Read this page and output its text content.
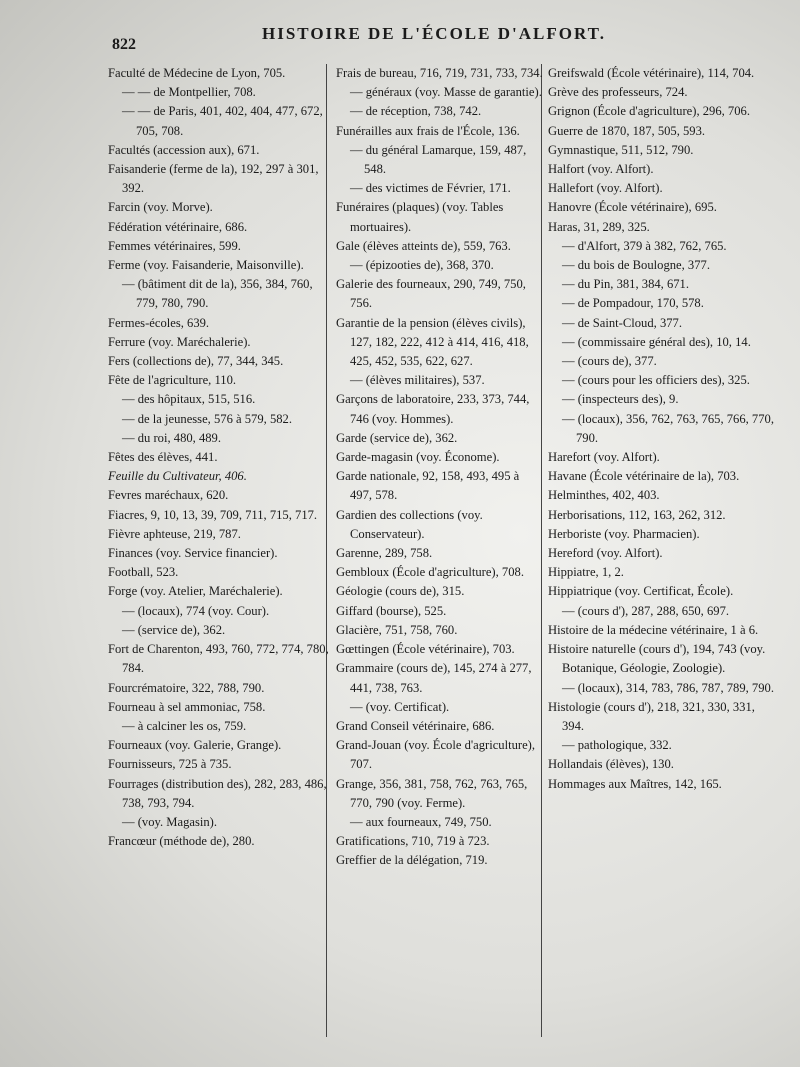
822
HISTOIRE DE L'ÉCOLE D'ALFORT.

Faculté de Médecine de Lyon, 705.

— — de Montpellier, 708.

— — de Paris, 401, 402, 404, 477, 672, 705, 708.

Facultés (accession aux), 671.

Faisanderie (ferme de la), 192, 297 à 301, 392.

Farcin (voy. Morve).

Fédération vétérinaire, 686.

Femmes vétérinaires, 599.

Ferme (voy. Faisanderie, Maisonville).

— (bâtiment dit de la), 356, 384, 760, 779, 780, 790.

Fermes-écoles, 639.

Ferrure (voy. Maréchalerie).

Fers (collections de), 77, 344, 345.

Fête de l'agriculture, 110.

— des hôpitaux, 515, 516.

— de la jeunesse, 576 à 579, 582.

— du roi, 480, 489.

Fêtes des élèves, 441.

Feuille du Cultivateur, 406.

Fevres maréchaux, 620.

Fiacres, 9, 10, 13, 39, 709, 711, 715, 717.

Fièvre aphteuse, 219, 787.

Finances (voy. Service financier).

Football, 523.

Forge (voy. Atelier, Maréchalerie).

— (locaux), 774 (voy. Cour).

— (service de), 362.

Fort de Charenton, 493, 760, 772, 774, 780, 784.

Fourcrématoire, 322, 788, 790.

Fourneau à sel ammoniac, 758.

— à calciner les os, 759.

Fourneaux (voy. Galerie, Grange).

Fournisseurs, 725 à 735.

Fourrages (distribution des), 282, 283, 486, 738, 793, 794.

— (voy. Magasin).

Francœur (méthode de), 280.

Frais de bureau, 716, 719, 731, 733, 734.

— généraux (voy. Masse de garantie).

— de réception, 738, 742.

Funérailles aux frais de l'École, 136.

— du général Lamarque, 159, 487, 548.

— des victimes de Février, 171.

Funéraires (plaques) (voy. Tables mortuaires).

Gale (élèves atteints de), 559, 763.

— (épizooties de), 368, 370.

Galerie des fourneaux, 290, 749, 750, 756.

Garantie de la pension (élèves civils), 127, 182, 222, 412 à 414, 416, 418, 425, 452, 535, 622, 627.

— (élèves militaires), 537.

Garçons de laboratoire, 233, 373, 744, 746 (voy. Hommes).

Garde (service de), 362.

Garde-magasin (voy. Économe).

Garde nationale, 92, 158, 493, 495 à 497, 578.

Gardien des collections (voy. Conservateur).

Garenne, 289, 758.

Gembloux (École d'agriculture), 708.

Géologie (cours de), 315.

Giffard (bourse), 525.

Glacière, 751, 758, 760.

Gœttingen (École vétérinaire), 703.

Grammaire (cours de), 145, 274 à 277, 441, 738, 763.

— (voy. Certificat).

Grand Conseil vétérinaire, 686.

Grand-Jouan (voy. École d'agriculture), 707.

Grange, 356, 381, 758, 762, 763, 765, 770, 790 (voy. Ferme).

— aux fourneaux, 749, 750.

Gratifications, 710, 719 à 723.

Greffier de la délégation, 719.

Greifswald (École vétérinaire), 114, 704.

Grève des professeurs, 724.

Grignon (École d'agriculture), 296, 706.

Guerre de 1870, 187, 505, 593.

Gymnastique, 511, 512, 790.

Halfort (voy. Alfort).

Hallefort (voy. Alfort).

Hanovre (École vétérinaire), 695.

Haras, 31, 289, 325.

— d'Alfort, 379 à 382, 762, 765.

— du bois de Boulogne, 377.

— du Pin, 381, 384, 671.

— de Pompadour, 170, 578.

— de Saint-Cloud, 377.

— (commissaire général des), 10, 14.

— (cours de), 377.

— (cours pour les officiers des), 325.

— (inspecteurs des), 9.

— (locaux), 356, 762, 763, 765, 766, 770, 790.

Harefort (voy. Alfort).

Havane (École vétérinaire de la), 703.

Helminthes, 402, 403.

Herborisations, 112, 163, 262, 312.

Herboriste (voy. Pharmacien).

Hereford (voy. Alfort).

Hippiatre, 1, 2.

Hippiatrique (voy. Certificat, École).

— (cours d'), 287, 288, 650, 697.

Histoire de la médecine vétérinaire, 1 à 6.

Histoire naturelle (cours d'), 194, 743 (voy. Botanique, Géologie, Zoologie).

— (locaux), 314, 783, 786, 787, 789, 790.

Histologie (cours d'), 218, 321, 330, 331, 394.

— pathologique, 332.

Hollandais (élèves), 130.

Hommages aux Maîtres, 142, 165.
